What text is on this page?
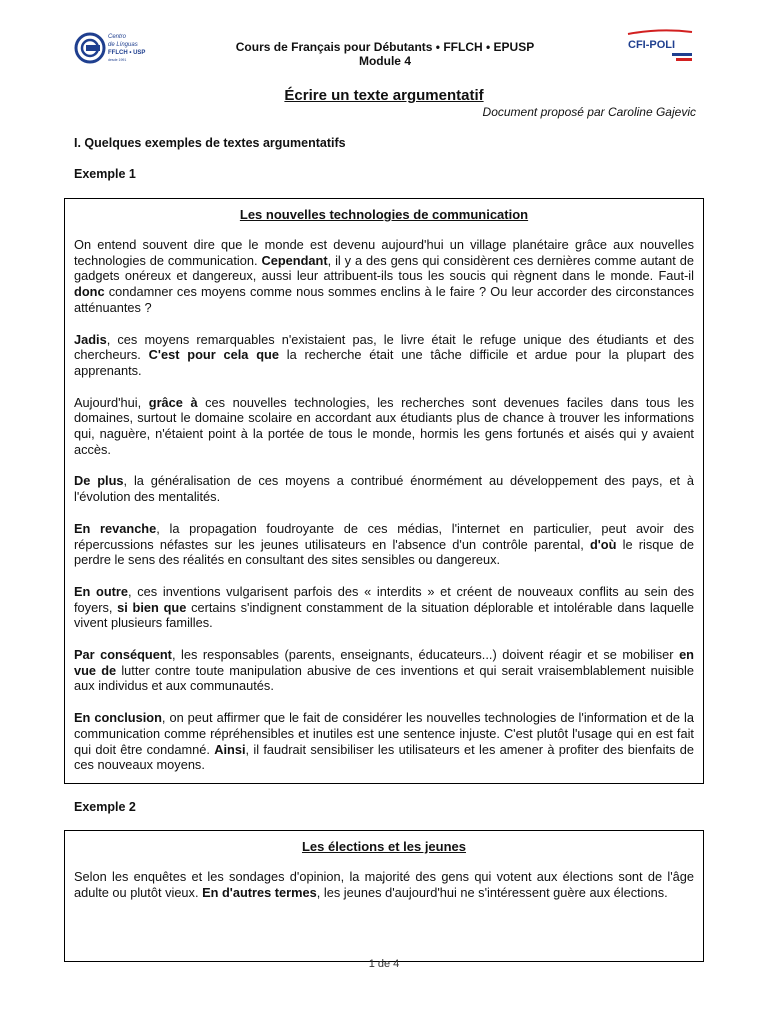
Centro
de Línguas
FFLCH • USP
desde 1991
CFI-POLI
Cours de Français pour Débutants • FFLCH • EPUSP
Module 4
Écrire un texte argumentatif
Document proposé par Caroline Gajevic
I. Quelques exemples de textes argumentatifs
Exemple 1
Les nouvelles technologies de communication

On entend souvent dire que le monde est devenu aujourd'hui un village planétaire grâce aux nouvelles technologies de communication. Cependant, il y a des gens qui considèrent ces dernières comme autant de gadgets onéreux et dangereux, aussi leur attribuent-ils tous les soucis qui règnent dans le monde. Faut-il donc condamner ces moyens comme nous sommes enclins à le faire ? Ou leur accorder des circonstances atténuantes ?

Jadis, ces moyens remarquables n'existaient pas, le livre était le refuge unique des étudiants et des chercheurs. C'est pour cela que la recherche était une tâche difficile et ardue pour la plupart des apprenants.

Aujourd'hui, grâce à ces nouvelles technologies, les recherches sont devenues faciles dans tous les domaines, surtout le domaine scolaire en accordant aux étudiants plus de chance à trouver les informations qui, naguère, n'étaient point à la portée de tous le monde, hormis les gens fortunés et aisés qui y avaient accès.

De plus, la généralisation de ces moyens a contribué énormément au développement des pays, et à l'évolution des mentalités.

En revanche, la propagation foudroyante de ces médias, l'internet en particulier, peut avoir des répercussions néfastes sur les jeunes utilisateurs en l'absence d'un contrôle parental, d'où le risque de perdre le sens des réalités en consultant des sites sensibles ou dangereux.

En outre, ces inventions vulgarisent parfois des « interdits » et créent de nouveaux conflits au sein des foyers, si bien que certains s'indignent constamment de la situation déplorable et intolérable dans laquelle vivent plusieurs familles.

Par conséquent, les responsables (parents, enseignants, éducateurs...) doivent réagir et se mobiliser en vue de lutter contre toute manipulation abusive de ces inventions et qui serait vraisemblablement nuisible aux individus et aux communautés.

En conclusion, on peut affirmer que le fait de considérer les nouvelles technologies de l'information et de la communication comme répréhensibles et inutiles est une sentence injuste. C'est plutôt l'usage qui en est fait qui doit être condamné. Ainsi, il faudrait sensibiliser les utilisateurs et les amener à profiter des bienfaits de ces nouveaux moyens.

Exemple 2
Les élections et les jeunes

Selon les enquêtes et les sondages d'opinion, la majorité des gens qui votent aux élections sont de l'âge adulte ou plutôt vieux. En d'autres termes, les jeunes d'aujourd'hui ne s'intéressent guère aux élections.

1 de 4
